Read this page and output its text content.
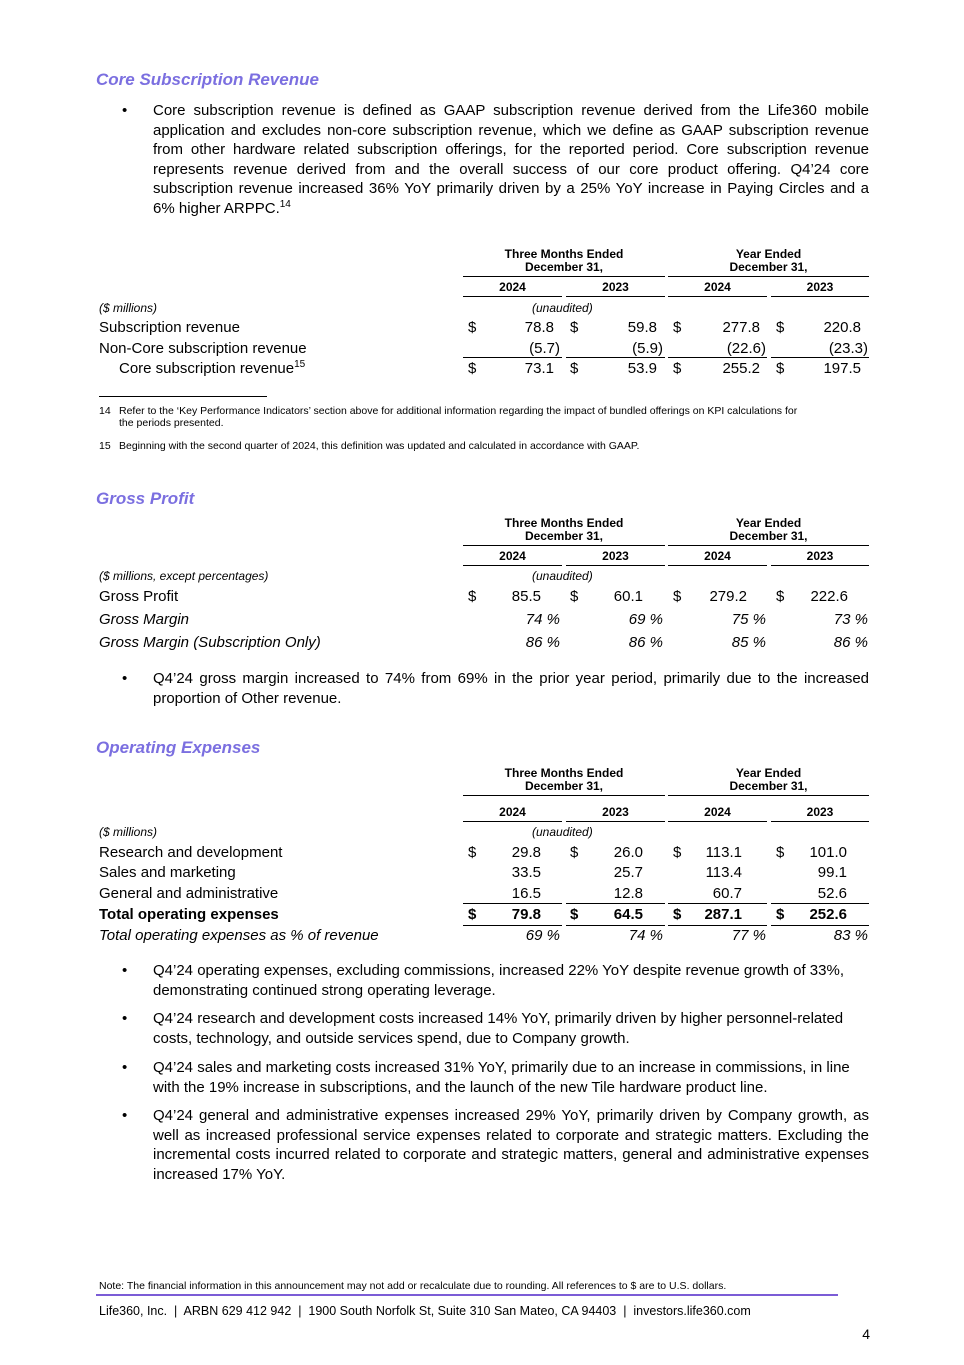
Core Subscription Revenue
• Core subscription revenue is defined as GAAP subscription revenue derived from the Life360 mobile application and excludes non-core subscription revenue, which we define as GAAP subscription revenue from other hardware related subscription offerings, for the reported period. Core subscription revenue represents revenue derived from and the overall success of our core product offering. Q4’24 core subscription revenue increased 36% YoY primarily driven by a 25% YoY increase in Paying Circles and a 6% higher ARPPC.$^{14}$
Three Months Ended
December 31,
Year Ended
December 31,
2024	2023	2024	2023
($ millions)	(unaudited)
Subscription revenue	$	78.8 $	59.8 $	277.8 $	220.8
Non-Core subscription revenue	(5.7)	(5.9)	(22.6)	(23.3)
Core subscription revenue$^{15}$	$	73.1 $	53.9 $	255.2 $	197.5
14 Refer to the ‘Key Performance Indicators’ section above for additional information regarding the impact of bundled offerings on KPI calculations for
the periods presented.
15 Beginning with the second quarter of 2024, this definition was updated and calculated in accordance with GAAP.
Gross Profit
Three Months Ended
December 31,
Year Ended
December 31,
2024	2023	2024	2023
($ millions, except percentages)	(unaudited)
Gross Profit	$ 85.5 $ 60.1 $ 279.2 $ 222.6
Gross Margin	74 %	69 %	75 %	73 %
Gross Margin (Subscription Only)	86 %	86 %	85 %	86 %
• Q4’24 gross margin increased to 74% from 69% in the prior year period, primarily due to the increased proportion of Other revenue.
Operating Expenses
Three Months Ended
December 31,
Year Ended
December 31,
2024	2023	2024	2023
($ millions)	(unaudited)
Research and development	$ 29.8 $ 26.0 $ 113.1 $ 101.0
Sales and marketing	33.5	25.7	113.4	99.1
General and administrative	16.5	12.8	60.7	52.6
Total operating expenses	$ 79.8 $ 64.5 $ 287.1 $ 252.6
Total operating expenses as % of revenue	69 %	74 %	77 %	83 %
• Q4’24 operating expenses, excluding commissions, increased 22% YoY despite revenue growth of 33%, demonstrating continued strong operating leverage.
• Q4’24 research and development costs increased 14% YoY, primarily driven by higher personnel-related costs, technology, and outside services spend, due to Company growth.
• Q4’24 sales and marketing costs increased 31% YoY, primarily due to an increase in commissions, in line with the 19% increase in subscriptions, and the launch of the new Tile hardware product line.
• Q4’24 general and administrative expenses increased 29% YoY, primarily driven by Company growth, as well as increased professional service expenses related to corporate and strategic matters. Excluding the incremental costs incurred related to corporate and strategic matters, general and administrative expenses increased 17% YoY.
Note: The financial information in this announcement may not add or recalculate due to rounding. All references to $ are to U.S. dollars.
Life360, Inc.  |  ARBN 629 412 942  |  1900 South Norfolk St, Suite 310 San Mateo, CA 94403  |  investors.life360.com
4
